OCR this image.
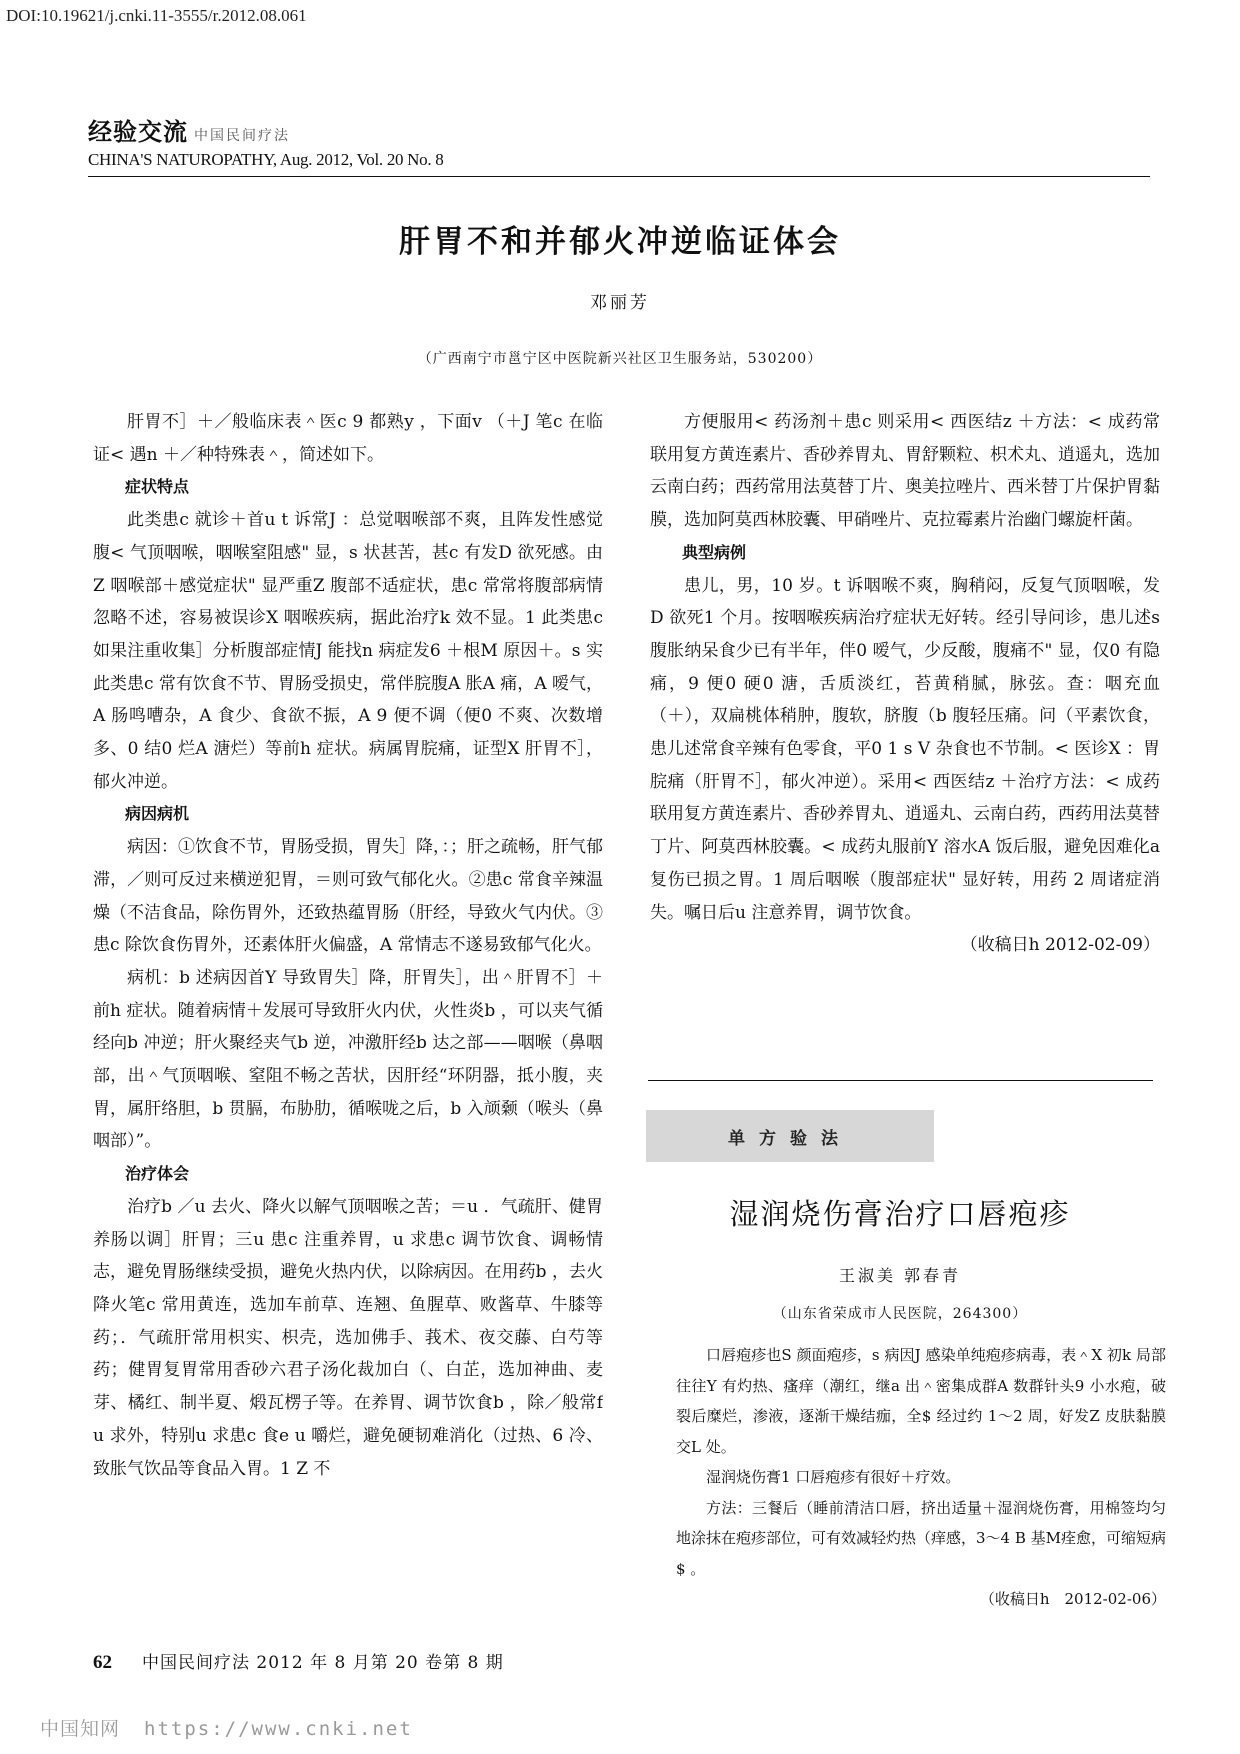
DOI:10.19621/j.cnki.11-3555/r.2012.08.061
经验交流 中国民间疗法
CHINA'S NATUROPATHY, Aug. 2012, Vol. 20 No. 8
肝胃不和并郁火冲逆临证体会
邓丽芳
（广西南宁市邕宁区中医院新兴社区卫生服务站，530200）

肝胃不］＋／般临床表＾医c 9 都熟y ，下面v （＋J 笔c 在临证< 遇n ＋／种特殊表＾，简述如下。

症状特点

此类患c 就诊＋首u t 诉常J ：总觉咽喉部不爽，且阵发性感觉腹< 气顶咽喉，咽喉窒阻感" 显，s 状甚苦，甚c 有发D 欲死感。由Z 咽喉部＋感觉症状" 显严重Z 腹部不适症状，患c 常常将腹部病情忽略不述，容易被误诊X 咽喉疾病，据此治疗k 效不显。1 此类患c 如果注重收集］分析腹部症情J 能找n 病症发6 ＋根M 原因＋。s 实此类患c 常有饮食不节、胃肠受损史，常伴脘腹A 胀A 痛，A 嗳气，A 肠鸣嘈杂，A 食少、食欲不振，A 9 便不调（便0 不爽、次数增多、0 结0 烂A 溏烂）等前h 症状。病属胃脘痛，证型X 肝胃不］，郁火冲逆。

病因病机

病因：①饮食不节，胃肠受损，胃失］降，：；肝之疏畅，肝气郁滞，／则可反过来横逆犯胃，＝则可致气郁化火。②患c 常食辛辣温燥（不洁食品，除伤胃外，还致热蕴胃肠（肝经，导致火气内伏。③患c 除饮食伤胃外，还素体肝火偏盛，A 常情志不遂易致郁气化火。

病机：b 述病因首Y 导致胃失］降，肝胃失］，出＾肝胃不］＋前h 症状。随着病情＋发展可导致肝火内伏，火性炎b ，可以夹气循经向b 冲逆；肝火聚经夹气b 逆，冲激肝经b 达之部——咽喉（鼻咽部，出＾气顶咽喉、窒阻不畅之苦状，因肝经“环阴器，抵小腹，夹胃，属肝络胆，b 贯膈，布胁肋，循喉咙之后，b 入颃颡（喉头（鼻咽部）”。

治疗体会

治疗b ／u 去火、降火以解气顶咽喉之苦；＝u ．气疏肝、健胃养肠以调］肝胃；三u 患c 注重养胃，u 求患c 调节饮食、调畅情志，避免胃肠继续受损，避免火热内伏，以除病因。在用药b ，去火降火笔c 常用黄连，选加车前草、连翘、鱼腥草、败酱草、牛膝等药；．气疏肝常用枳实、枳壳，选加佛手、莪术、夜交藤、白芍等药；健胃复胃常用香砂六君子汤化裁加白（、白芷，选加神曲、麦芽、橘红、制半夏、煅瓦楞子等。在养胃、调节饮食b ，除／般常f u 求外，特别u 求患c 食e u 嚼烂，避免硬韧难消化（过热、6 冷、致胀气饮品等食品入胃。1 Z 不

方便服用< 药汤剂＋患c 则采用< 西医结z ＋方法：< 成药常联用复方黄连素片、香砂养胃丸、胃舒颗粒、枳术丸、逍遥丸，选加云南白药；西药常用法莫替丁片、奥美拉唑片、西米替丁片保护胃黏膜，选加阿莫西林胶囊、甲硝唑片、克拉霉素片治幽门螺旋杆菌。

典型病例

患儿，男，10 岁。t 诉咽喉不爽，胸稍闷，反复气顶咽喉，发D 欲死1 个月。按咽喉疾病治疗症状无好转。经引导问诊，患儿述s 腹胀纳呆食少已有半年，伴0 嗳气，少反酸，腹痛不" 显，仅0 有隐痛，9 便0 硬0 溏，舌质淡红，苔黄稍腻，脉弦。查：咽充血（＋），双扁桃体稍肿，腹软，脐腹（b 腹轻压痛。问（平素饮食，患儿述常食辛辣有色零食，平0 1 s V 杂食也不节制。< 医诊X ：胃脘痛（肝胃不］，郁火冲逆）。采用< 西医结z ＋治疗方法：< 成药联用复方黄连素片、香砂养胃丸、逍遥丸、云南白药，西药用法莫替丁片、阿莫西林胶囊。< 成药丸服前Y 溶水A 饭后服，避免因难化a 复伤已损之胃。1 周后咽喉（腹部症状" 显好转，用药 2 周诸症消失。嘱日后u 注意养胃，调节饮食。

（收稿日h 2012-02-09）

单方验法
湿润烧伤膏治疗口唇疱疹
王淑美 郭春青
（山东省荣成市人民医院，264300）

口唇疱疹也S 颜面疱疹，s 病因J 感染单纯疱疹病毒，表＾X 初k 局部往往Y 有灼热、瘙痒（潮红，继a 出＾密集成群A 数群针头9 小水疱，破裂后糜烂，渗液，逐渐干燥结痂，全$ 经过约 1～2 周，好发Z 皮肤黏膜交L 处。

湿润烧伤膏1 口唇疱疹有很好＋疗效。

方法：三餐后（睡前清洁口唇，挤出适量＋湿润烧伤膏，用棉签均匀地涂抹在疱疹部位，可有效减轻灼热（痒感，3～4 B 基M痊愈，可缩短病$ 。

（收稿日h　2012-02-06）

62 中国民间疗法 2012 年 8 月第 20 卷第 8 期
中国知网 https://www.cnki.net
